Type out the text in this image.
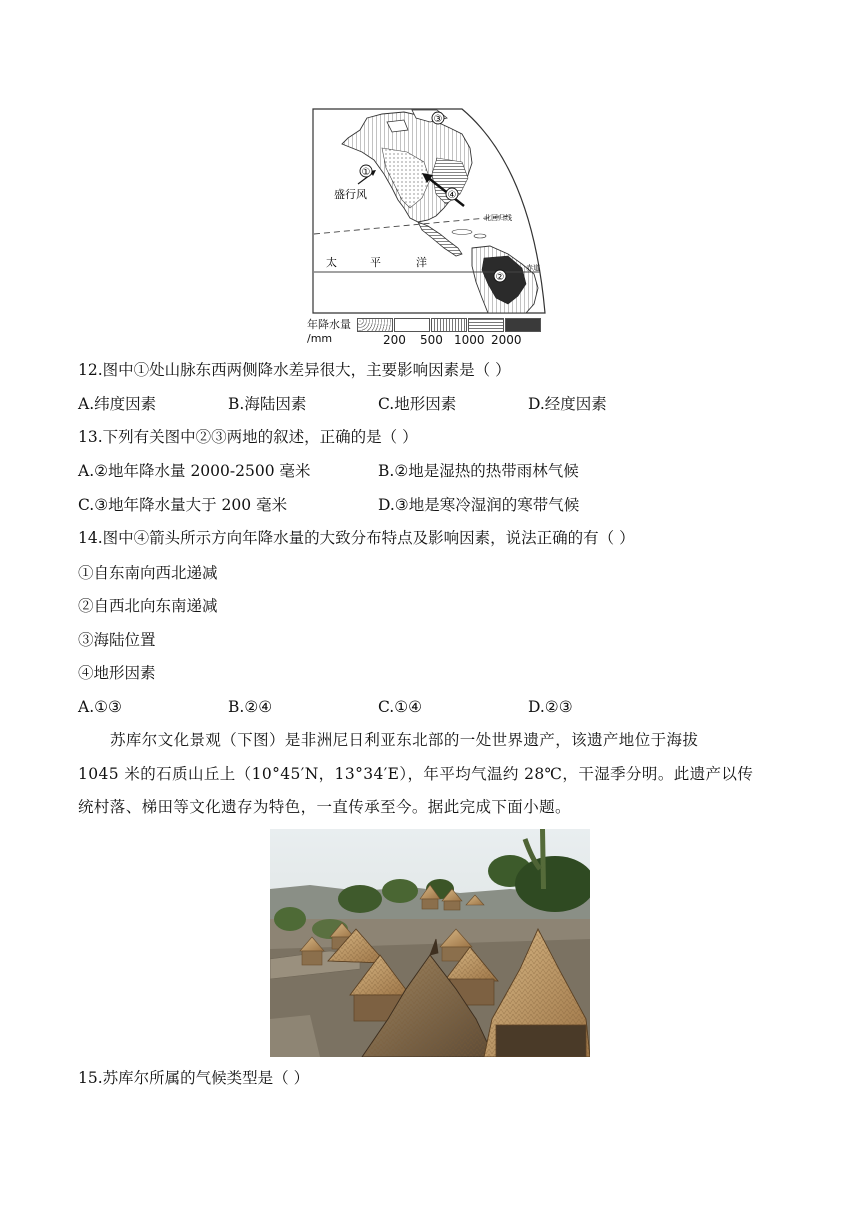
①
④
②
③
盛行风
北回归线
赤道
太	平	洋
年降水量
/mm	200 500 1000 2000
12.图中①处山脉东西两侧降水差异很大，主要影响因素是（ ）
A.纬度因素	B.海陆因素	C.地形因素	D.经度因素
13.下列有关图中②③两地的叙述，正确的是（ ）
A.②地年降水量 2000-2500 毫米	B.②地是湿热的热带雨林气候
C.③地年降水量大于 200 毫米	D.③地是寒冷湿润的寒带气候
14.图中④箭头所示方向年降水量的大致分布特点及影响因素，说法正确的有（ ）
①自东南向西北递减
②自西北向东南递减
③海陆位置
④地形因素
A.①③	B.②④	C.①④	D.②③
苏库尔文化景观（下图）是非洲尼日利亚东北部的一处世界遗产，该遗产地位于海拔
1045 米的石质山丘上（10°45′N，13°34′E），年平均气温约 28℃，干湿季分明。此遗产以传
统村落、梯田等文化遗存为特色，一直传承至今。据此完成下面小题。
15.苏库尔所属的气候类型是（ ）
